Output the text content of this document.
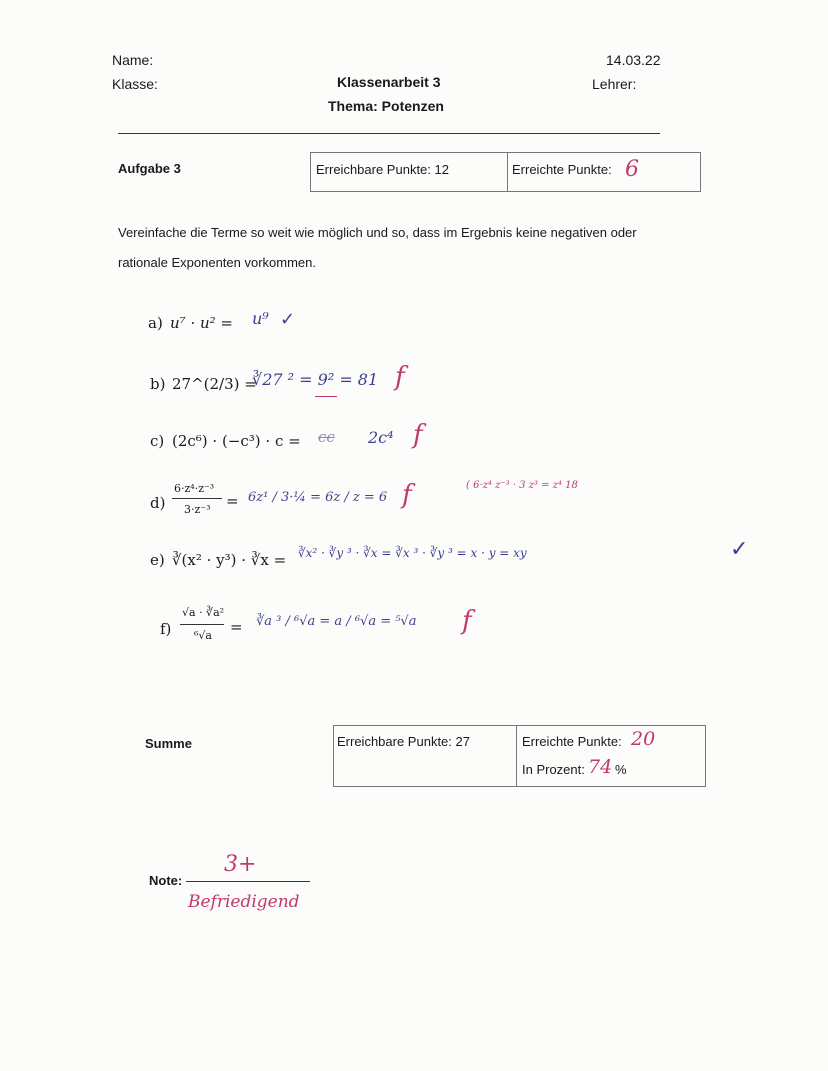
Name:
Klasse:
14.03.22
Lehrer:
Klassenarbeit 3
Thema: Potenzen
Aufgabe 3	Erreichbare Punkte: 12	Erreichte Punkte: 6
Vereinfache die Terme so weit wie möglich und so, dass im Ergebnis keine negativen oder
rationale Exponenten vorkommen.
a) u⁷ · u² = u⁹ ✓
b) 27^(2/3) =
∛27 ² = 9² = 81 f
c) (2c⁶) · (−c³) · c = cc 2c⁴ f
d)
6·z⁴·z⁻³
3·z⁻³ = 6z¹ / 3·¼ = 6z / z = 6 f	( 6·z⁴ z⁻³ · 3 z³ = z⁴ 18
e) ∛(x² · y³) · ∛x = ∛x² · ∛y ³ · ∛x = ∛x ³ · ∛y ³ = x · y = xy	✓
f)
√a · ∛a²
⁶√a = ∛a ³ / ⁶√a = a / ⁶√a = ⁵√a f
Summe	Erreichbare Punkte: 27	Erreichte Punkte: 20
In Prozent: 74 %
Note:
3+
Befriedigend
